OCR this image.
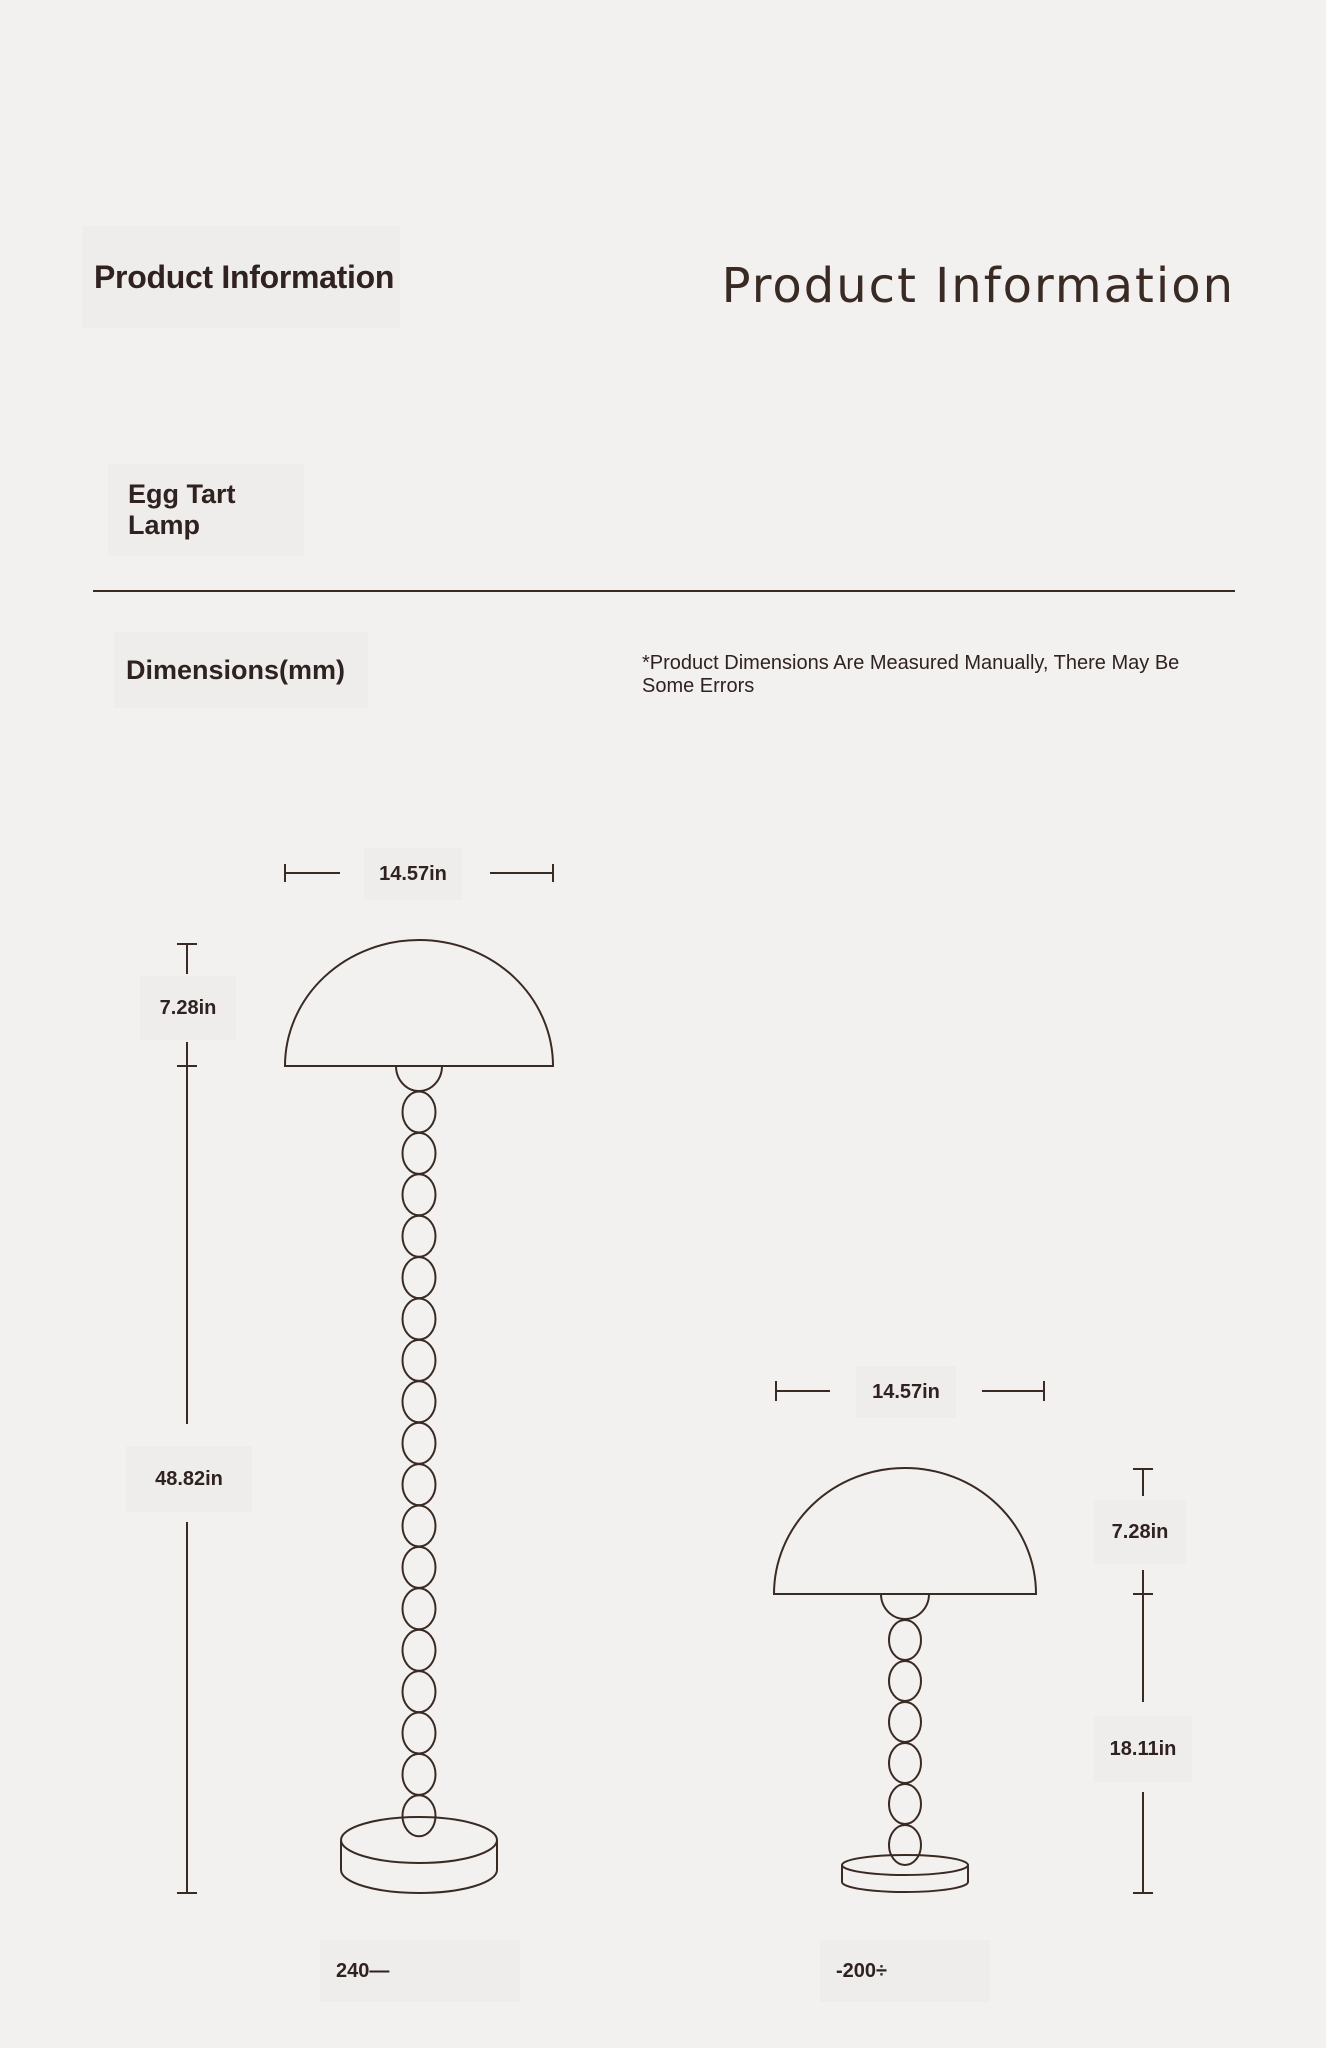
Product Information	Product Information
Egg Tart Lamp
Dimensions(mm)	*Product Dimensions Are Measured Manually, There May Be Some Errors
14.57in
7.28in
48.82in
240—
14.57in
7.28in
18.11in
-200÷
